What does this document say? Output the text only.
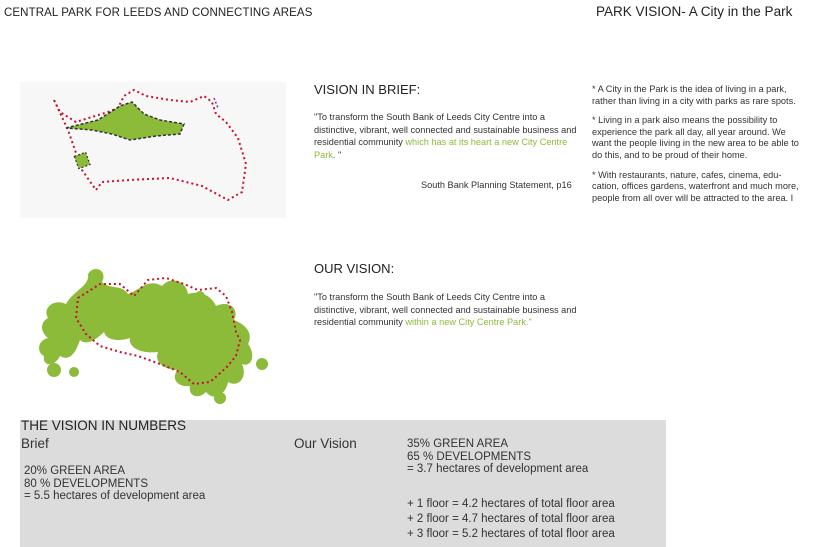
CENTRAL PARK FOR LEEDS AND CONNECTING AREAS	PARK VISION- A City in the Park
VISION IN BRIEF:
"To transform the South Bank of Leeds City Centre into a distinctive, vibrant, well connected and sustainable business and residential community which has at its heart a new City Centre Park. "
South Bank Planning Statement, p16

* A City in the Park is the idea of living in a park, rather than living in a city with parks as rare spots.

* Living in a park also means the possibility to experience the park all day, all year around. We want the people living in the new area to be able to do this, and to be proud of their home.

* With restaurants, nature, cafes, cinema, edu-cation, offices gardens, waterfront and much more, people from all over will be attracted to the area. I

OUR VISION:
"To transform the South Bank of Leeds City Centre into a distinctive, vibrant, well connected and sustainable business and residential community within a new City Centre Park."
THE VISION IN NUMBERS
Brief	Our Vision
20% GREEN AREA
80 % DEVELOPMENTS
= 5.5 hectares of development area
35% GREEN AREA
65 % DEVELOPMENTS
= 3.7 hectares of development area
+ 1 floor = 4.2 hectares of total floor area
+ 2 floor = 4.7 hectares of total floor area
+ 3 floor = 5.2 hectares of total floor area
